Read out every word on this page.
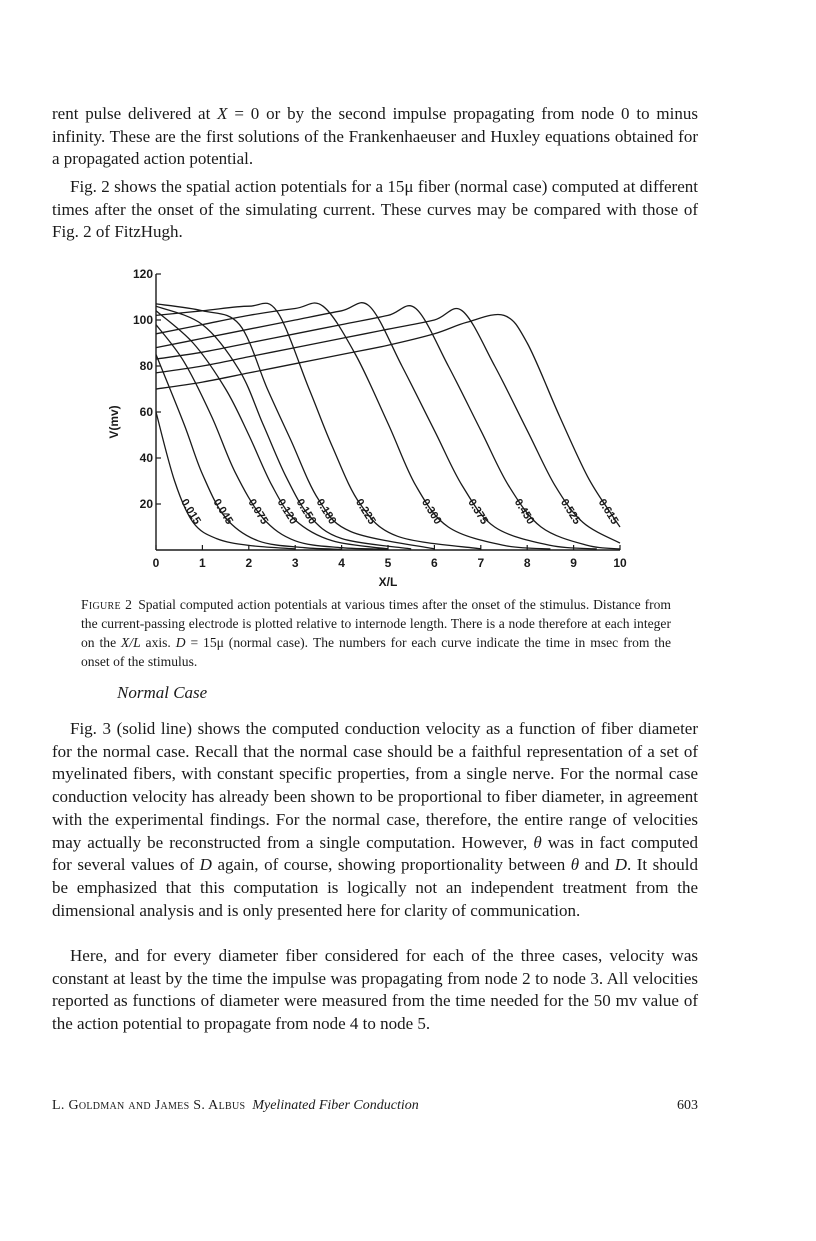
rent pulse delivered at X = 0 or by the second impulse propagating from node 0 to minus infinity. These are the first solutions of the Frankenhaeuser and Huxley equations obtained for a propagated action potential.

Fig. 2 shows the spatial action potentials for a 15μ fiber (normal case) computed at different times after the onset of the simulating current. These curves may be compared with those of Fig. 2 of FitzHugh.

20
40
60
80
100
120
0	1	2	3	4	5	6	7	8	9	10
X/L
V(mv)
0.015 0.045 0.075 0.120
0.150
0.180 0.225	0.300 0.375 0.450 0.525 0.615

Figure 2 Spatial computed action potentials at various times after the onset of the stimulus. Distance from the current-passing electrode is plotted relative to internode length. There is a node therefore at each integer on the X/L axis. D = 15μ (normal case). The numbers for each curve indicate the time in msec from the onset of the stimulus.

Normal Case

Fig. 3 (solid line) shows the computed conduction velocity as a function of fiber diameter for the normal case. Recall that the normal case should be a faithful representation of a set of myelinated fibers, with constant specific properties, from a single nerve. For the normal case conduction velocity has already been shown to be proportional to fiber diameter, in agreement with the experimental findings. For the normal case, therefore, the entire range of velocities may actually be reconstructed from a single computation. However, θ was in fact computed for several values of D again, of course, showing proportionality between θ and D. It should be emphasized that this computation is logically not an independent treatment from the dimensional analysis and is only presented here for clarity of communication.

Here, and for every diameter fiber considered for each of the three cases, velocity was constant at least by the time the impulse was propagating from node 2 to node 3. All velocities reported as functions of diameter were measured from the time needed for the 50 mv value of the action potential to propagate from node 4 to node 5.

L. Goldman and James S. Albus Myelinated Fiber Conduction	603
